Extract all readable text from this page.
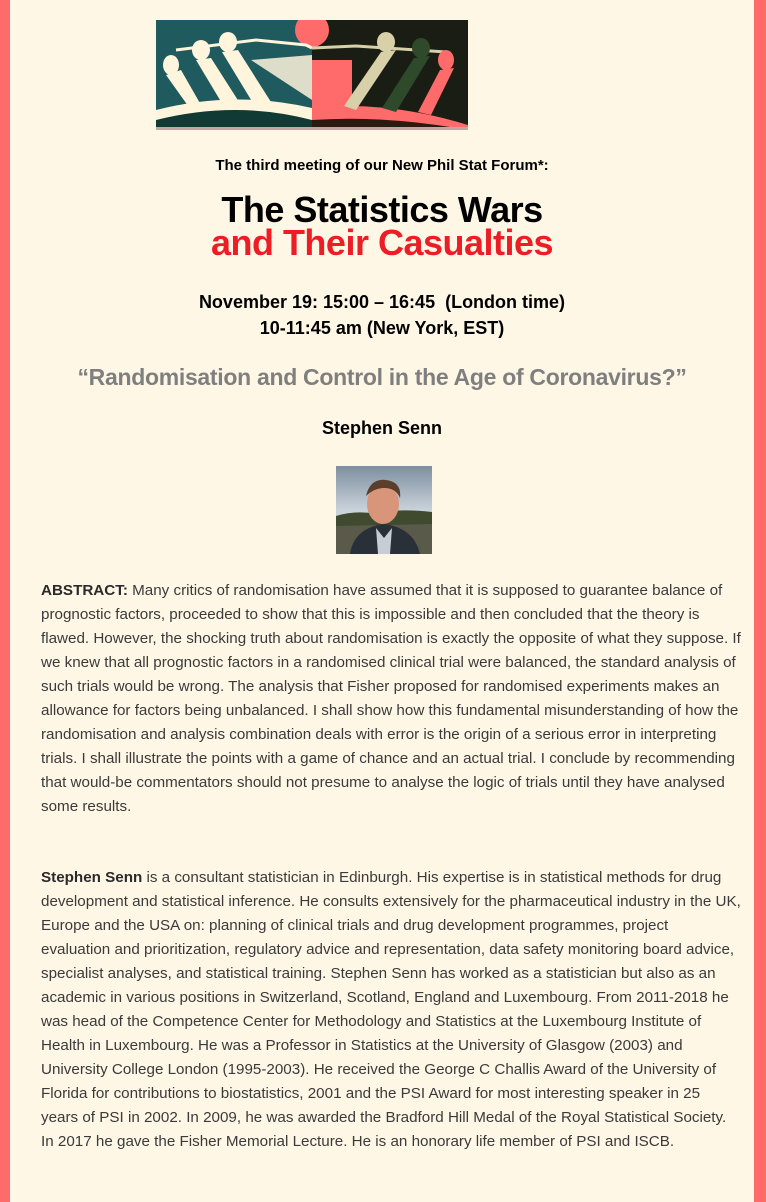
The third meeting of our New Phil Stat Forum*:
The Statistics Wars
and Their Casualties
November 19: 15:00 – 16:45  (London time)
10-11:45 am (New York, EST)
“Randomisation and Control in the Age of Coronavirus?”
Stephen Senn
ABSTRACT: Many critics of randomisation have assumed that it is supposed to guarantee balance of prognostic factors, proceeded to show that this is impossible and then concluded that the theory is flawed. However, the shocking truth about randomisation is exactly the opposite of what they suppose. If we knew that all prognostic factors in a randomised clinical trial were balanced, the standard analysis of such trials would be wrong. The analysis that Fisher proposed for randomised experiments makes an allowance for factors being unbalanced. I shall show how this fundamental misunderstanding of how the randomisation and analysis combination deals with error is the origin of a serious error in interpreting trials. I shall illustrate the points with a game of chance and an actual trial. I conclude by recommending that would-be commentators should not presume to analyse the logic of trials until they have analysed some results.
Stephen Senn is a consultant statistician in Edinburgh. His expertise is in statistical methods for drug development and statistical inference. He consults extensively for the pharmaceutical industry in the UK, Europe and the USA on: planning of clinical trials and drug development programmes, project evaluation and prioritization, regulatory advice and representation, data safety monitoring board advice, specialist analyses, and statistical training. Stephen Senn has worked as a statistician but also as an academic in various positions in Switzerland, Scotland, England and Luxembourg. From 2011-2018 he was head of the Competence Center for Methodology and Statistics at the Luxembourg Institute of Health in Luxembourg. He was a Professor in Statistics at the University of Glasgow (2003) and University College London (1995-2003). He received the George C Challis Award of the University of Florida for contributions to biostatistics, 2001 and the PSI Award for most interesting speaker in 25 years of PSI in 2002. In 2009, he was awarded the Bradford Hill Medal of the Royal Statistical Society. In 2017 he gave the Fisher Memorial Lecture. He is an honorary life member of PSI and ISCB.
